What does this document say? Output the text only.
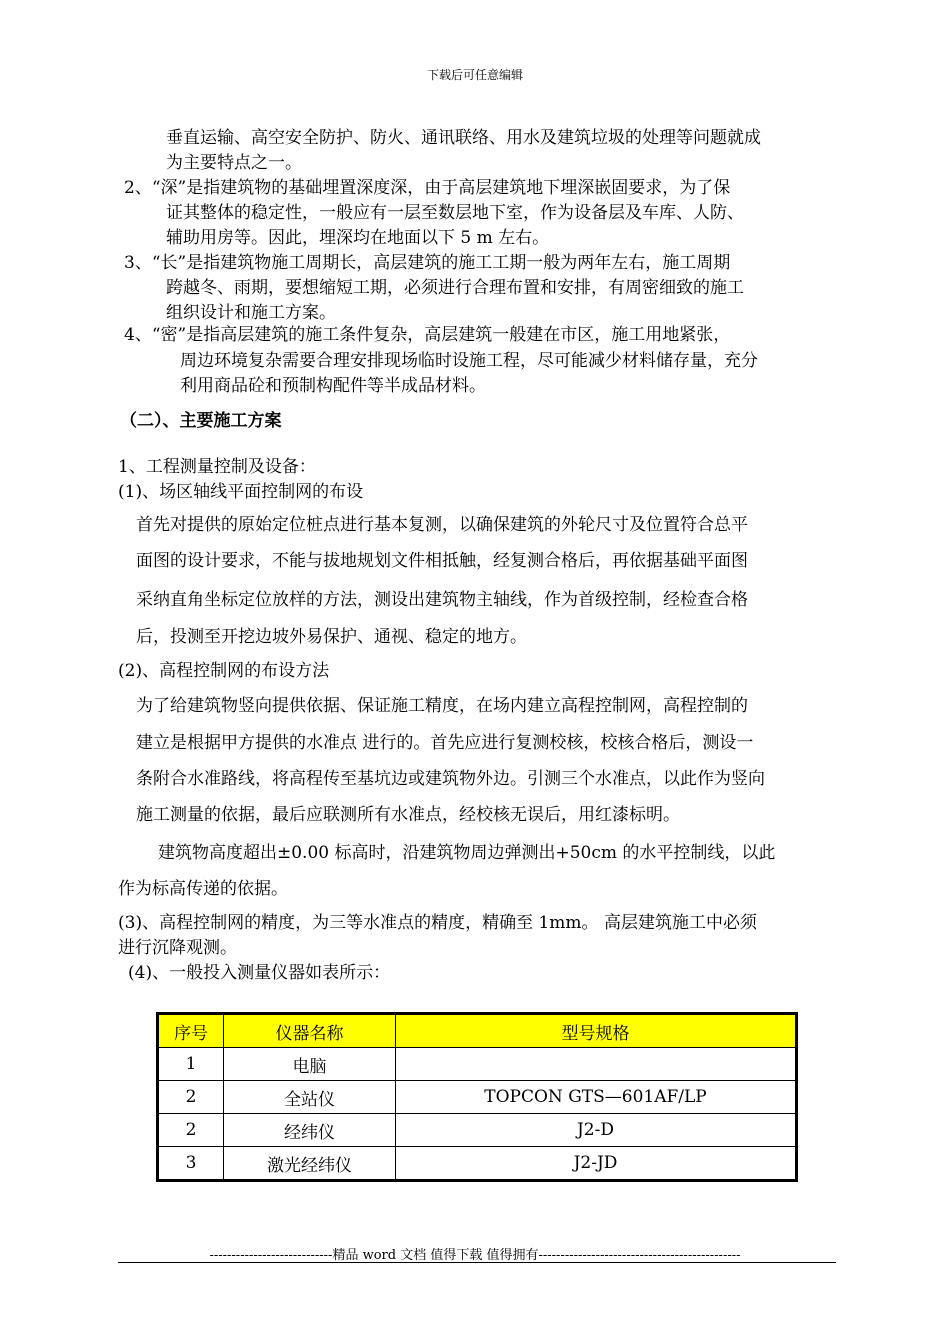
下载后可任意编辑
垂直运输、高空安全防护、防火、通讯联络、用水及建筑垃圾的处理等问题就成
为主要特点之一。
2、“深”是指建筑物的基础埋置深度深，由于高层建筑地下埋深嵌固要求，为了保
证其整体的稳定性，一般应有一层至数层地下室，作为设备层及车库、人防、
辅助用房等。因此，埋深均在地面以下 5 m 左右。
3、“长”是指建筑物施工周期长，高层建筑的施工工期一般为两年左右，施工周期
跨越冬、雨期，要想缩短工期，必须进行合理布置和安排，有周密细致的施工
组织设计和施工方案。
4、“密”是指高层建筑的施工条件复杂，高层建筑一般建在市区，施工用地紧张，
周边环境复杂需要合理安排现场临时设施工程，尽可能减少材料储存量，充分
利用商品砼和预制构配件等半成品材料。
（二）、主要施工方案
1、工程测量控制及设备：
(1)、场区轴线平面控制网的布设
首先对提供的原始定位桩点进行基本复测，以确保建筑的外轮尺寸及位置符合总平
面图的设计要求，不能与拔地规划文件相抵触，经复测合格后，再依据基础平面图
采纳直角坐标定位放样的方法，测设出建筑物主轴线，作为首级控制，经检查合格
后，投测至开挖边坡外易保护、通视、稳定的地方。
(2)、高程控制网的布设方法
为了给建筑物竖向提供依据、保证施工精度，在场内建立高程控制网，高程控制的
建立是根据甲方提供的水准点 进行的。首先应进行复测校核，校核合格后，测设一
条附合水准路线，将高程传至基坑边或建筑物外边。引测三个水准点，以此作为竖向
施工测量的依据，最后应联测所有水准点，经校核无误后，用红漆标明。
建筑物高度超出±0.00 标高时，沿建筑物周边弹测出+50cm 的水平控制线，以此
作为标高传递的依据。
(3)、高程控制网的精度，为三等水准点的精度，精确至 1mm。 高层建筑施工中必须
进行沉降观测。
(4)、一般投入测量仪器如表所示：
序号	仪器名称	型号规格
1	电脑	
2	全站仪	TOPCON GTS—601AF/LP
2	经纬仪	J2-D
3	激光经纬仪	J2-JD
----------------------------精品 word 文档 值得下载 值得拥有----------------------------------------------
